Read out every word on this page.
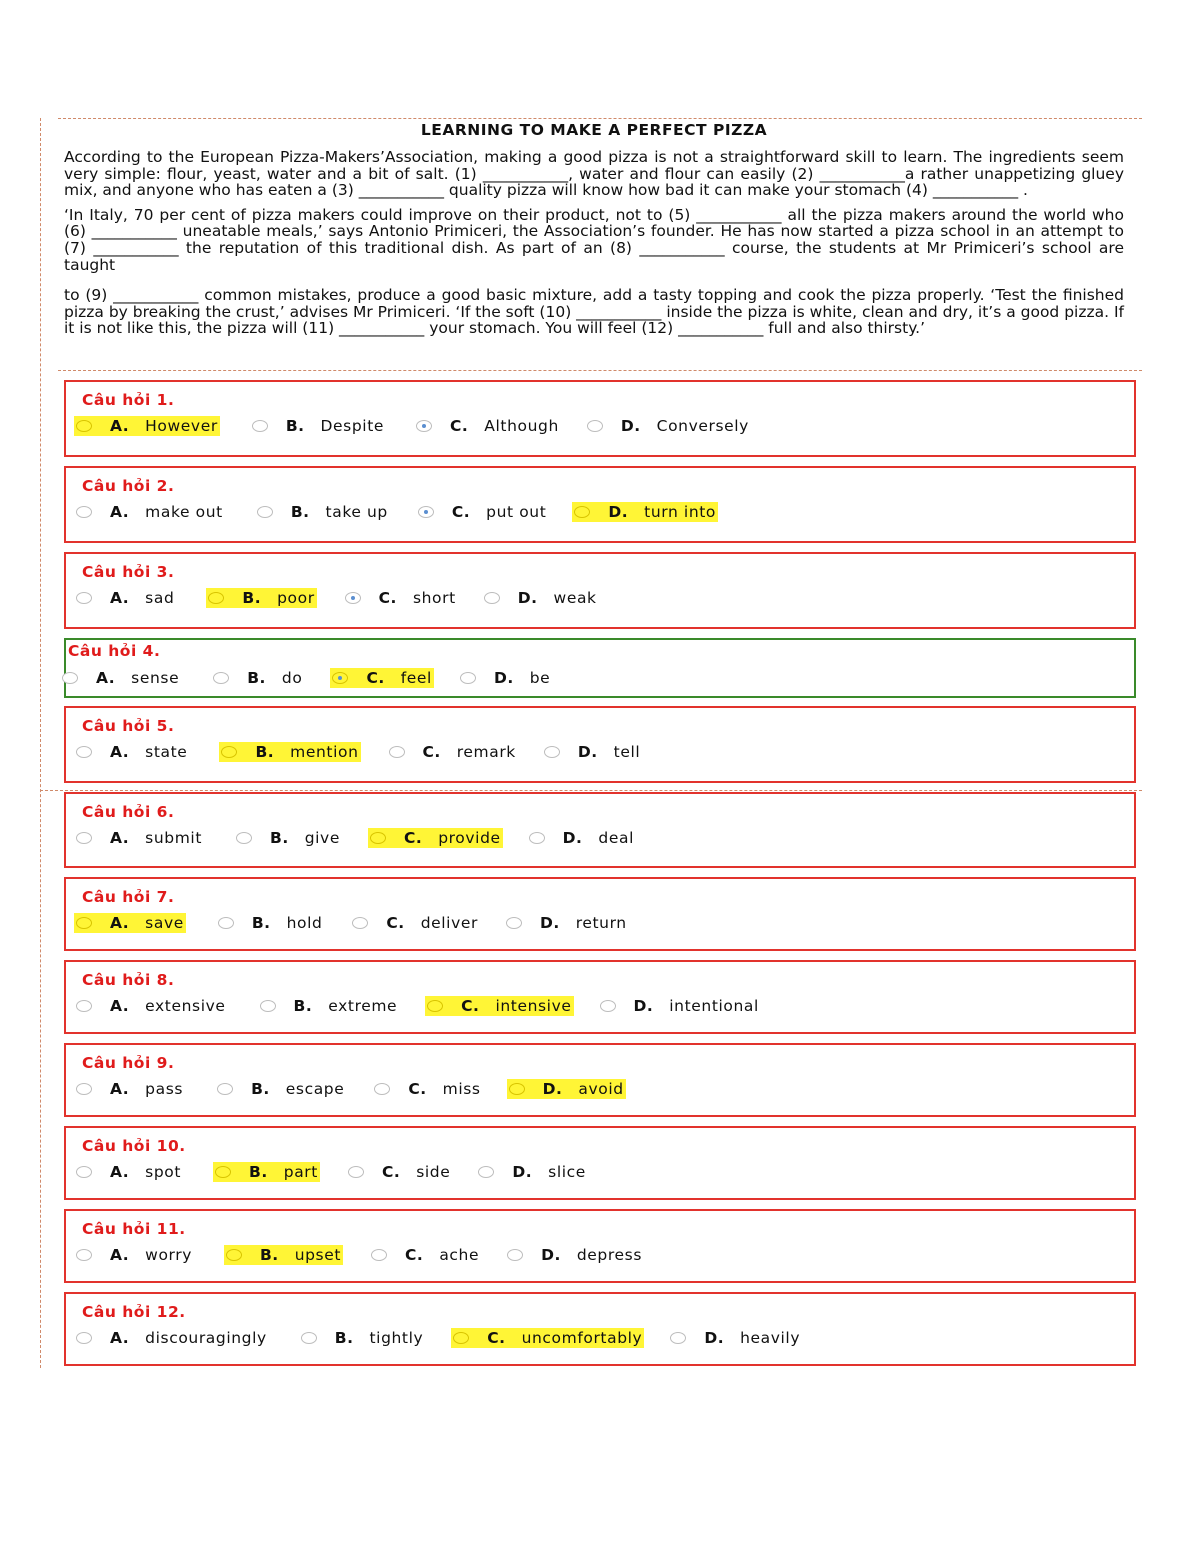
LEARNING TO MAKE A PERFECT PIZZA

According to the European Pizza-Makers’Association, making a good pizza is not a straightforward skill to learn. The ingredients seem very simple: flour, yeast, water and a bit of salt. (1) ___________, water and flour can easily (2) ___________a rather unappetizing gluey mix, and anyone who has eaten a (3) ___________ quality pizza will know how bad it can make your stomach (4) ___________ .

‘In Italy, 70 per cent of pizza makers could improve on their product, not to (5) ___________ all the pizza makers around the world who (6) ___________ uneatable meals,’ says Antonio Primiceri, the Association’s founder. He has now started a pizza school in an attempt to (7) ___________ the reputation of this traditional dish. As part of an (8) ___________ course, the students at Mr Primiceri’s school are taught

to (9) ___________ common mistakes, produce a good basic mixture, add a tasty topping and cook the pizza properly. ‘Test the finished pizza by breaking the crust,’ advises Mr Primiceri. ‘If the soft (10) ___________ inside the pizza is white, clean and dry, it’s a good pizza. If it is not like this, the pizza will (11) ___________ your stomach. You will feel (12) ___________ full and also thirsty.’

Câu hỏi 1.
A. However	B. Despite	C. Although	D. Conversely
Câu hỏi 2.
A. make out	B. take up	C. put out	D. turn into
Câu hỏi 3.
A. sad	B. poor	C. short	D. weak
Câu hỏi 4.
A. sense	B. do	C. feel	D. be
Câu hỏi 5.
A. state	B. mention	C. remark	D. tell
Câu hỏi 6.
A. submit	B. give	C. provide	D. deal
Câu hỏi 7.
A. save	B. hold	C. deliver	D. return
Câu hỏi 8.
A. extensive	B. extreme	C. intensive	D. intentional
Câu hỏi 9.
A. pass	B. escape	C. miss	D. avoid
Câu hỏi 10.
A. spot	B. part	C. side	D. slice
Câu hỏi 11.
A. worry	B. upset	C. ache	D. depress
Câu hỏi 12.
A. discouragingly	B. tightly	C. uncomfortably	D. heavily
